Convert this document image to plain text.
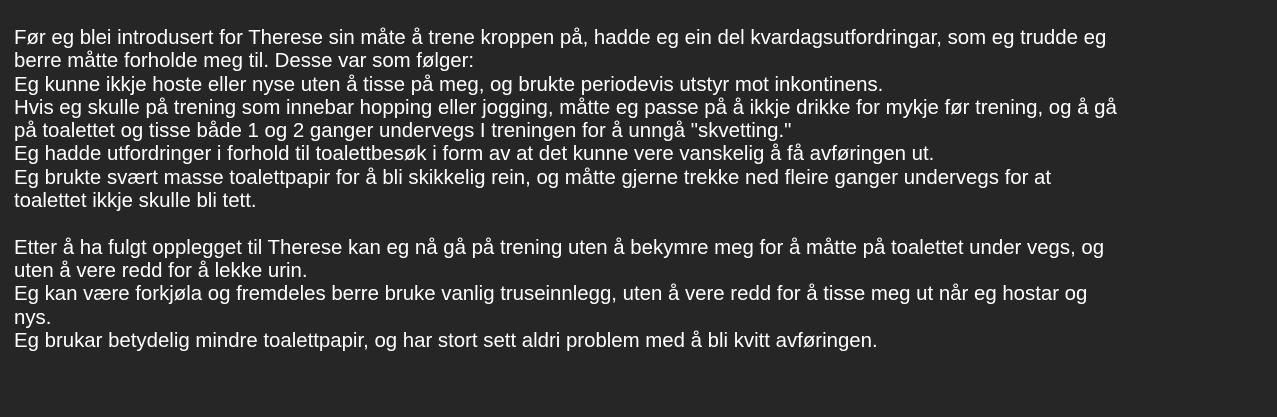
Før eg blei introdusert for Therese sin måte å trene kroppen på, hadde eg ein del kvardagsutfordringar, som eg trudde eg

berre måtte forholde meg til. Desse var som følger:

Eg kunne ikkje hoste eller nyse uten å tisse på meg, og brukte periodevis utstyr mot inkontinens.

Hvis eg skulle på trening som innebar hopping eller jogging, måtte eg passe på å ikkje drikke for mykje før trening, og å gå

på toalettet og tisse både 1 og 2 ganger undervegs I treningen for å unngå "skvetting."

Eg hadde utfordringer i forhold til toalettbesøk i form av at det kunne vere vanskelig å få avføringen ut.

Eg brukte svært masse toalettpapir for å bli skikkelig rein, og måtte gjerne trekke ned fleire ganger undervegs for at

toalettet ikkje skulle bli tett.

Etter å ha fulgt opplegget til Therese kan eg nå gå på trening uten å bekymre meg for å måtte på toalettet under vegs, og

uten å vere redd for å lekke urin.

Eg kan være forkjøla og fremdeles berre bruke vanlig truseinnlegg, uten å vere redd for å tisse meg ut når eg hostar og

nys.

Eg brukar betydelig mindre toalettpapir, og har stort sett aldri problem med å bli kvitt avføringen.
